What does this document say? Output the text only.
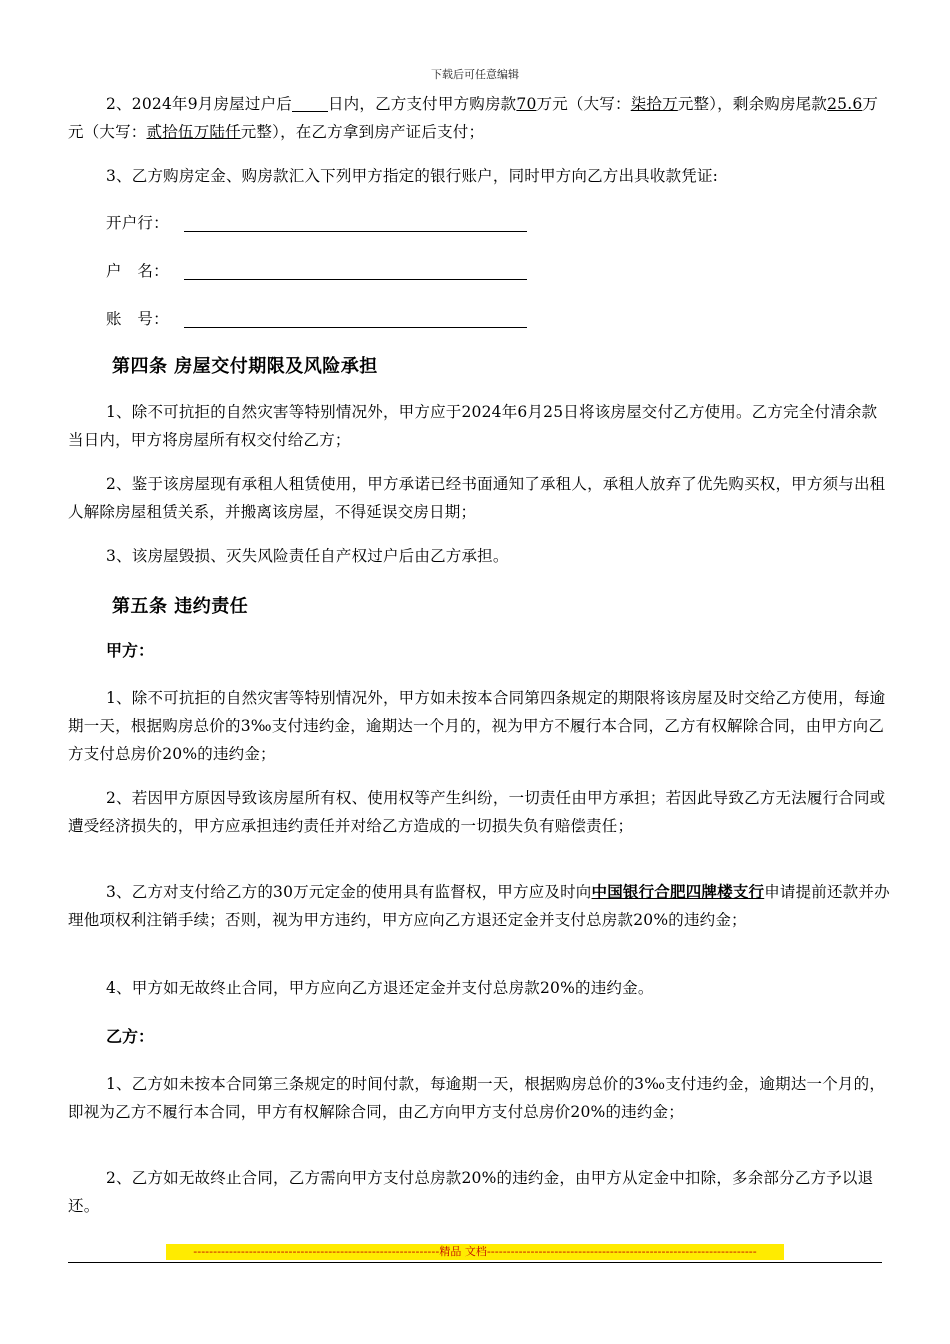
下载后可任意编辑

2、2024年9月房屋过户后 日内，乙方支付甲方购房款70万元（大写：柒拾万元整），剩余购房尾款25.6万元（大写：贰拾伍万陆仟元整），在乙方拿到房产证后支付；

3、乙方购房定金、购房款汇入下列甲方指定的银行账户，同时甲方向乙方出具收款凭证:

开户行：
户　名：
账　号：
第四条 房屋交付期限及风险承担

1、除不可抗拒的自然灾害等特别情况外，甲方应于2024年6月25日将该房屋交付乙方使用。乙方完全付清余款当日内，甲方将房屋所有权交付给乙方；

2、鉴于该房屋现有承租人租赁使用，甲方承诺已经书面通知了承租人，承租人放弃了优先购买权，甲方须与出租人解除房屋租赁关系，并搬离该房屋，不得延误交房日期；

3、该房屋毁损、灭失风险责任自产权过户后由乙方承担。

第五条 违约责任
甲方：

1、除不可抗拒的自然灾害等特别情况外，甲方如未按本合同第四条规定的期限将该房屋及时交给乙方使用，每逾期一天，根据购房总价的3‰支付违约金，逾期达一个月的，视为甲方不履行本合同，乙方有权解除合同，由甲方向乙方支付总房价20%的违约金；

2、若因甲方原因导致该房屋所有权、使用权等产生纠纷，一切责任由甲方承担；若因此导致乙方无法履行合同或遭受经济损失的，甲方应承担违约责任并对给乙方造成的一切损失负有赔偿责任；

3、乙方对支付给乙方的30万元定金的使用具有监督权，甲方应及时向中国银行合肥四牌楼支行申请提前还款并办理他项权利注销手续；否则，视为甲方违约，甲方应向乙方退还定金并支付总房款20%的违约金；

4、甲方如无故终止合同，甲方应向乙方退还定金并支付总房款20%的违约金。

乙方：

1、乙方如未按本合同第三条规定的时间付款，每逾期一天，根据购房总价的3‰支付违约金，逾期达一个月的，即视为乙方不履行本合同，甲方有权解除合同，由乙方向甲方支付总房价20%的违约金；

2、乙方如无故终止合同，乙方需向甲方支付总房款20%的违约金，由甲方从定金中扣除，多余部分乙方予以退还。

--------------------------------------------------------------精品 文档--------------------------------------------------------------------
